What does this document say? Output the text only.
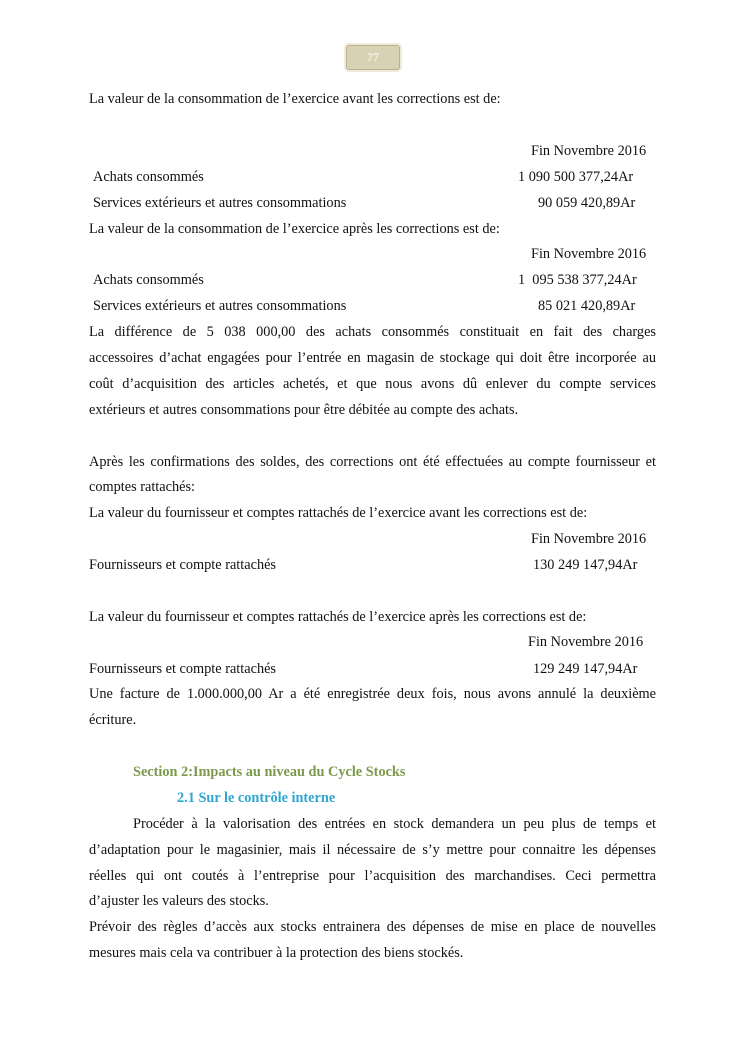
77
La valeur de la consommation de l’exercice avant les corrections est de:
Fin Novembre 2016
Achats consommés	1 090 500 377,24Ar
Services extérieurs et autres consommations	90 059 420,89Ar
La valeur de la consommation de l’exercice après les corrections est de:
Fin Novembre 2016
Achats consommés	1  095 538 377,24Ar
Services extérieurs et autres consommations	85 021 420,89Ar
La différence de 5 038 000,00 des achats consommés constituait en fait des charges
accessoires d’achat engagées pour l’entrée en magasin de stockage qui doit être incorporée au
coût d’acquisition des articles achetés, et que nous avons dû enlever du compte services
extérieurs et autres consommations pour être débitée au compte des achats.
Après les confirmations des soldes, des corrections ont été effectuées au compte fournisseur et
comptes rattachés:
La valeur du fournisseur et comptes rattachés de l’exercice avant les corrections est de:
Fin Novembre 2016
Fournisseurs et compte rattachés	130 249 147,94Ar
La valeur du fournisseur et comptes rattachés de l’exercice après les corrections est de:
Fin Novembre 2016
Fournisseurs et compte rattachés	129 249 147,94Ar
Une facture de 1.000.000,00 Ar a été enregistrée deux fois, nous avons annulé la deuxième
écriture.
Section 2:Impacts au niveau du Cycle Stocks
2.1 Sur le contrôle interne
Procéder à la valorisation des entrées en stock demandera un peu plus de temps et
d’adaptation pour le magasinier, mais il nécessaire de s’y mettre pour connaitre les dépenses
réelles qui ont coutés à l’entreprise pour l’acquisition des marchandises. Ceci permettra
d’ajuster les valeurs des stocks.
Prévoir des règles d’accès aux stocks entrainera des dépenses de mise en place de nouvelles
mesures mais cela va contribuer à la protection des biens stockés.
